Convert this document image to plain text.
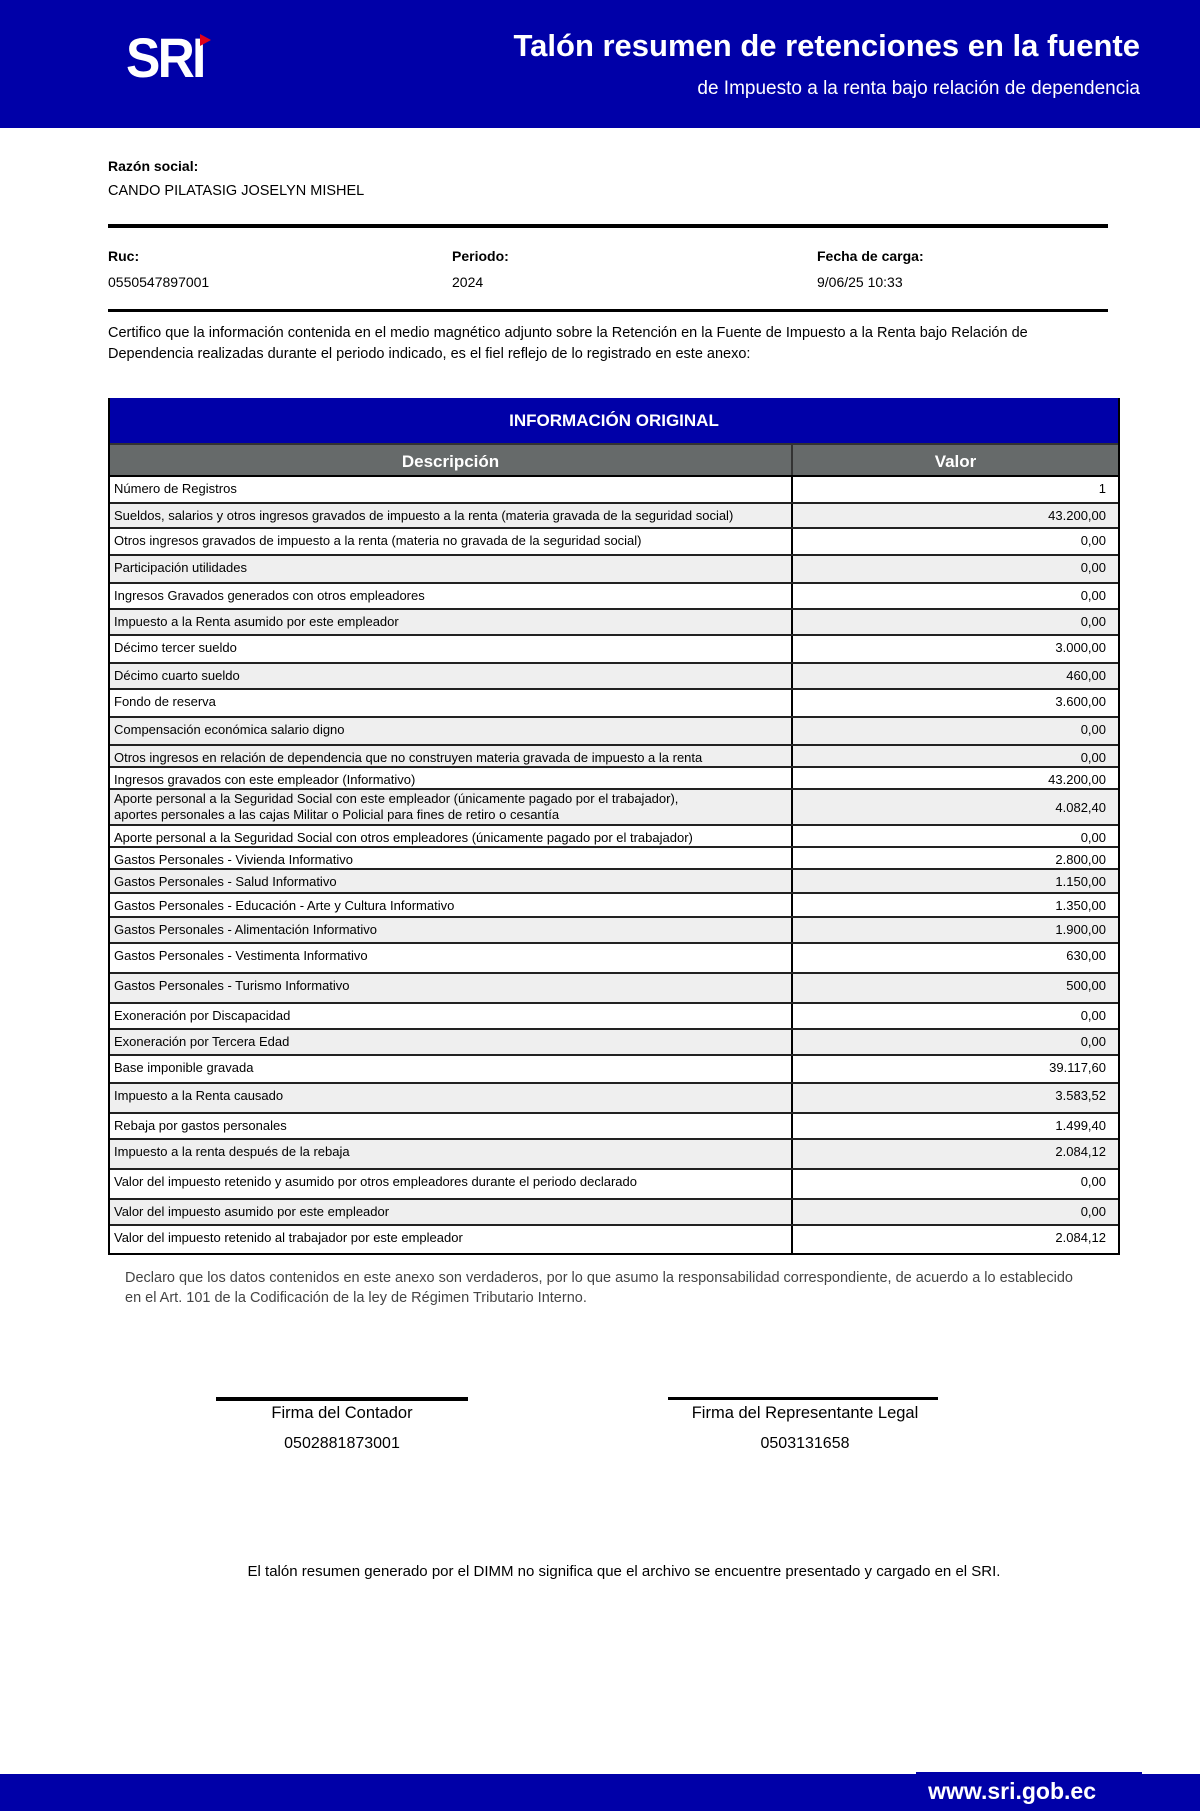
SRI	Talón resumen de retenciones en la fuente
de Impuesto a la renta bajo relación de dependencia
Razón social:
CANDO PILATASIG JOSELYN MISHEL
Ruc:
0550547897001
Periodo:
2024
Fecha de carga:
9/06/25 10:33
Certifico que la información contenida en el medio magnético adjunto sobre la Retención en la Fuente de Impuesto a la Renta bajo Relación de Dependencia realizadas durante el periodo indicado, es el fiel reflejo de lo registrado en este anexo:
INFORMACIÓN ORIGINAL
Descripción	Valor
Número de Registros	1
Sueldos, salarios y otros ingresos gravados de impuesto a la renta (materia gravada de la seguridad social)	43.200,00
Otros ingresos gravados de impuesto a la renta (materia no gravada de la seguridad social)	0,00
Participación utilidades	0,00
Ingresos Gravados generados con otros empleadores	0,00
Impuesto a la Renta asumido por este empleador	0,00
Décimo tercer sueldo	3.000,00
Décimo cuarto sueldo	460,00
Fondo de reserva	3.600,00
Compensación económica salario digno	0,00
Otros ingresos en relación de dependencia que no construyen materia gravada de impuesto a la renta	0,00
Ingresos gravados con este empleador (Informativo)	43.200,00
Aporte personal a la Seguridad Social con este empleador (únicamente pagado por el trabajador),
aportes personales a las cajas Militar o Policial para fines de retiro o cesantía	4.082,40
Aporte personal a la Seguridad Social con otros empleadores (únicamente pagado por el trabajador)	0,00
Gastos Personales - Vivienda Informativo	2.800,00
Gastos Personales - Salud Informativo	1.150,00
Gastos Personales - Educación - Arte y Cultura Informativo	1.350,00
Gastos Personales - Alimentación Informativo	1.900,00
Gastos Personales - Vestimenta Informativo	630,00
Gastos Personales - Turismo Informativo	500,00
Exoneración por Discapacidad	0,00
Exoneración por Tercera Edad	0,00
Base imponible gravada	39.117,60
Impuesto a la Renta causado	3.583,52
Rebaja por gastos personales	1.499,40
Impuesto a la renta después de la rebaja	2.084,12
Valor del impuesto retenido y asumido por otros empleadores durante el periodo declarado	0,00
Valor del impuesto asumido por este empleador	0,00
Valor del impuesto retenido al trabajador por este empleador	2.084,12
Declaro que los datos contenidos en este anexo son verdaderos, por lo que asumo la responsabilidad correspondiente, de acuerdo a lo establecido en el Art. 101 de la Codificación de la ley de Régimen Tributario Interno.
Firma del Contador
0502881873001
Firma del Representante Legal
0503131658
El talón resumen generado por el DIMM no significa que el archivo se encuentre presentado y cargado en el SRI.
www.sri.gob.ec
